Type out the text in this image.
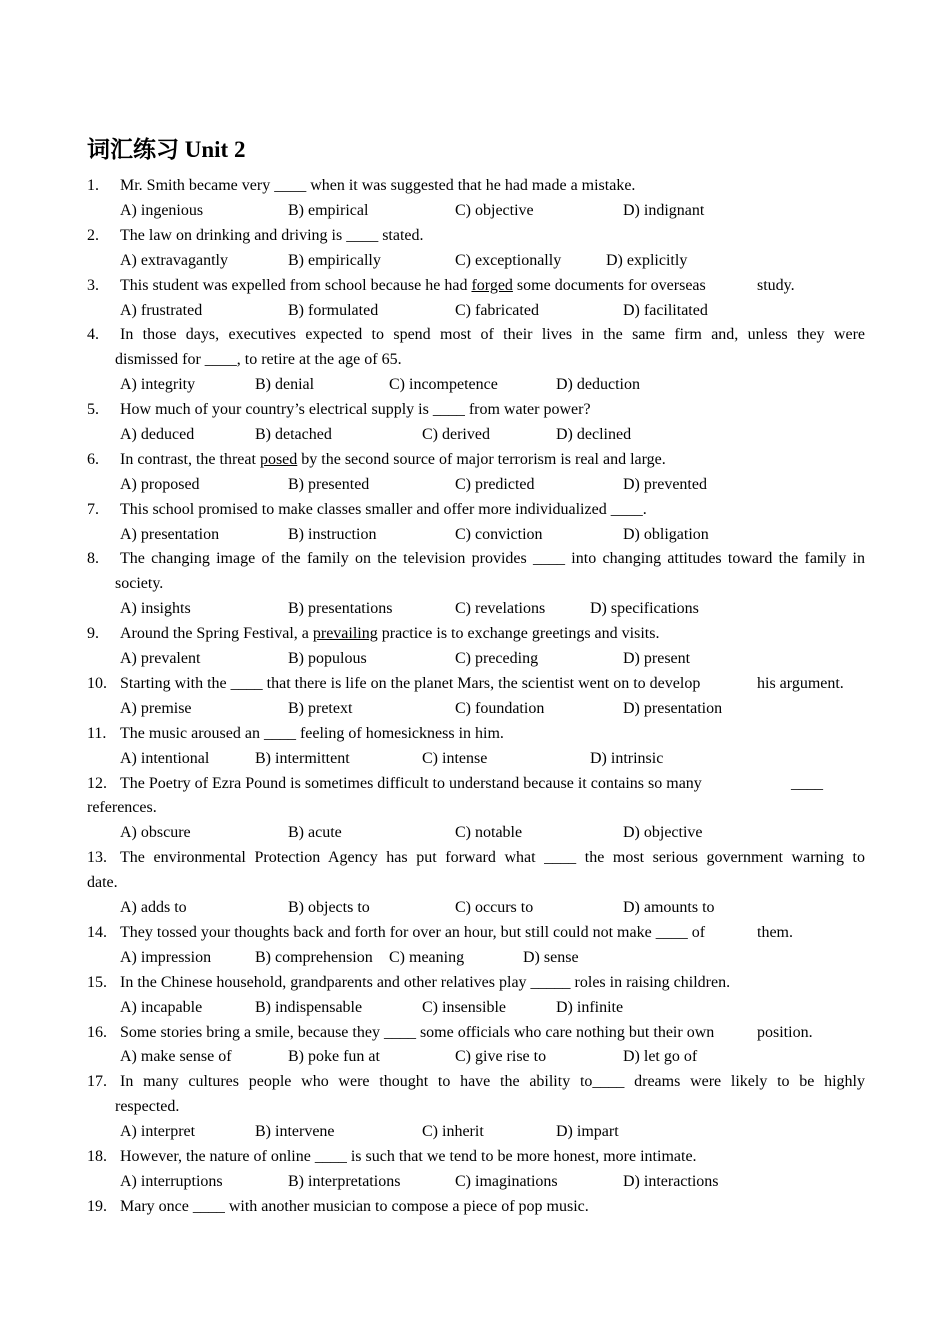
词汇练习 Unit 2
1. Mr. Smith became very ____ when it was suggested that he had made a mistake.
A) ingenious	B) empirical	C) objective	D) indignant
2. The law on drinking and driving is ____ stated.
A) extravagantly	B) empirically	C) exceptionally	D) explicitly
3. This student was expelled from school because he had forged some documents for overseas	study.
A) frustrated	B) formulated	C) fabricated	D) facilitated
4. In those days, executives expected to spend most of their lives in the same firm and, unless they were
dismissed for ____, to retire at the age of 65.
A) integrity	B) denial	C) incompetence	D) deduction
5. How much of your country’s electrical supply is ____ from water power?
A) deduced	B) detached	C) derived	D) declined
6. In contrast, the threat posed by the second source of major terrorism is real and large.
A) proposed	B) presented	C) predicted	D) prevented
7. This school promised to make classes smaller and offer more individualized ____.
A) presentation	B) instruction	C) conviction	D) obligation
8. The changing image of the family on the television provides ____ into changing attitudes toward the family in
society.
A) insights	B) presentations	C) revelations	D) specifications
9. Around the Spring Festival, a prevailing practice is to exchange greetings and visits.
A) prevalent	B) populous	C) preceding	D) present
10. Starting with the ____ that there is life on the planet Mars, the scientist went on to develop	his argument.
A) premise	B) pretext	C) foundation	D) presentation
11. The music aroused an ____ feeling of homesickness in him.
A) intentional	B) intermittent	C) intense	D) intrinsic
12. The Poetry of Ezra Pound is sometimes difficult to understand because it contains so many	____
references.
A) obscure	B) acute	C) notable	D) objective
13. The environmental Protection Agency has put forward what ____ the most serious government warning to
date.
A) adds to	B) objects to	C) occurs to	D) amounts to
14. They tossed your thoughts back and forth for over an hour, but still could not make ____ of	them.
A) impression	B) comprehension C) meaning	D) sense
15. In the Chinese household, grandparents and other relatives play _____ roles in raising children.
A) incapable	B) indispensable	C) insensible	D) infinite
16. Some stories bring a smile, because they ____ some officials who care nothing but their own	position.
A) make sense of	B) poke fun at	C) give rise to	D) let go of
17. In many cultures people who were thought to have the ability to____ dreams were likely to be highly
respected.
A) interpret	B) intervene	C) inherit	D) impart
18. However, the nature of online ____ is such that we tend to be more honest, more intimate.
A) interruptions	B) interpretations	C) imaginations	D) interactions
19. Mary once ____ with another musician to compose a piece of pop music.
